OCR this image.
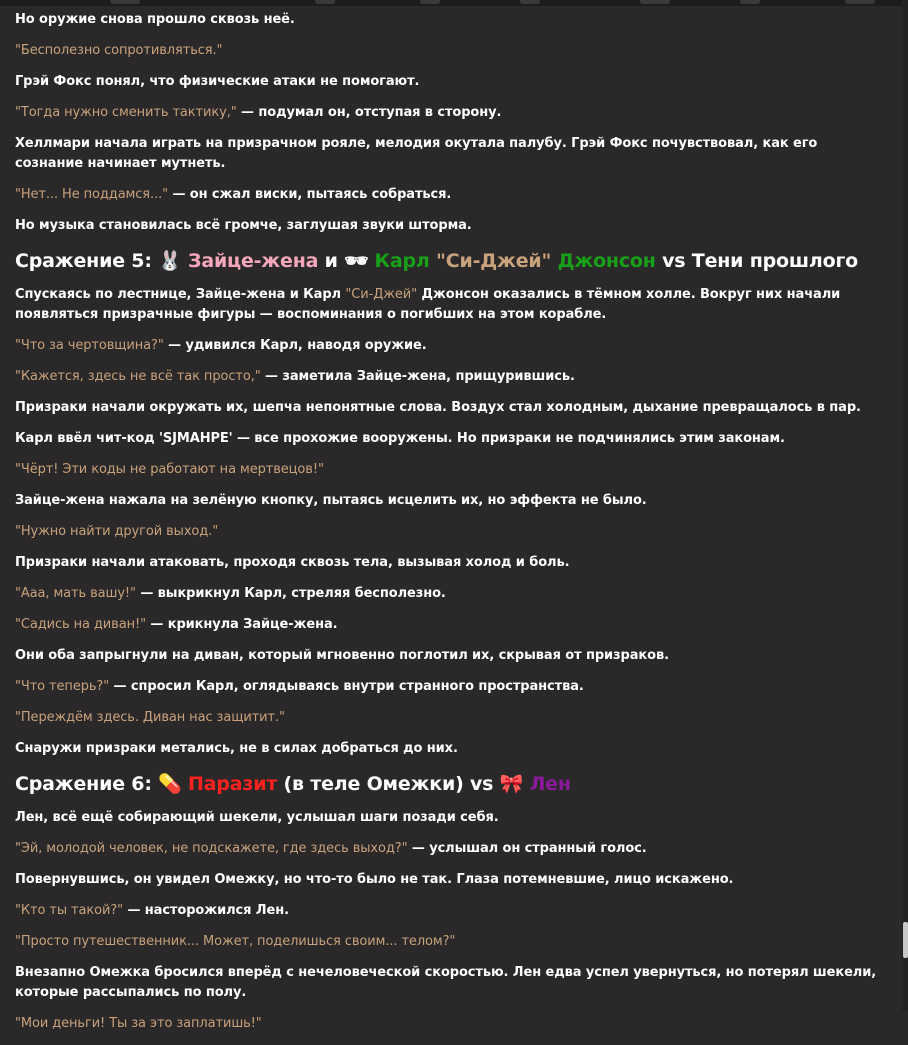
Но оружие снова прошло сквозь неё.

"Бесполезно сопротивляться."

Грэй Фокс понял, что физические атаки не помогают.

"Тогда нужно сменить тактику," — подумал он, отступая в сторону.

Хеллмари начала играть на призрачном рояле, мелодия окутала палубу. Грэй Фокс почувствовал, как его сознание начинает мутнеть.

"Нет... Не поддамся..." — он сжал виски, пытаясь собраться.

Но музыка становилась всё громче, заглушая звуки шторма.

Сражение 5: 🐰 Зайце-жена и 🕶 Карл "Си-Джей" Джонсон vs Тени прошлого

Спускаясь по лестнице, Зайце-жена и Карл "Си-Джей" Джонсон оказались в тёмном холле. Вокруг них начали появляться призрачные фигуры — воспоминания о погибших на этом корабле.

"Что за чертовщина?" — удивился Карл, наводя оружие.

"Кажется, здесь не всё так просто," — заметила Зайце-жена, прищурившись.

Призраки начали окружать их, шепча непонятные слова. Воздух стал холодным, дыхание превращалось в пар.

Карл ввёл чит-код 'SJMAHPE' — все прохожие вооружены. Но призраки не подчинялись этим законам.

"Чёрт! Эти коды не работают на мертвецов!"

Зайце-жена нажала на зелёную кнопку, пытаясь исцелить их, но эффекта не было.

"Нужно найти другой выход."

Призраки начали атаковать, проходя сквозь тела, вызывая холод и боль.

"Ааа, мать вашу!" — выкрикнул Карл, стреляя бесполезно.

"Садись на диван!" — крикнула Зайце-жена.

Они оба запрыгнули на диван, который мгновенно поглотил их, скрывая от призраков.

"Что теперь?" — спросил Карл, оглядываясь внутри странного пространства.

"Переждём здесь. Диван нас защитит."

Снаружи призраки метались, не в силах добраться до них.

Сражение 6: 💊 Паразит (в теле Омежки) vs 🎀 Лен

Лен, всё ещё собирающий шекели, услышал шаги позади себя.

"Эй, молодой человек, не подскажете, где здесь выход?" — услышал он странный голос.

Повернувшись, он увидел Омежку, но что-то было не так. Глаза потемневшие, лицо искажено.

"Кто ты такой?" — насторожился Лен.

"Просто путешественник... Может, поделишься своим... телом?"

Внезапно Омежка бросился вперёд с нечеловеческой скоростью. Лен едва успел увернуться, но потерял шекели, которые рассыпались по полу.

"Мои деньги! Ты за это заплатишь!"
